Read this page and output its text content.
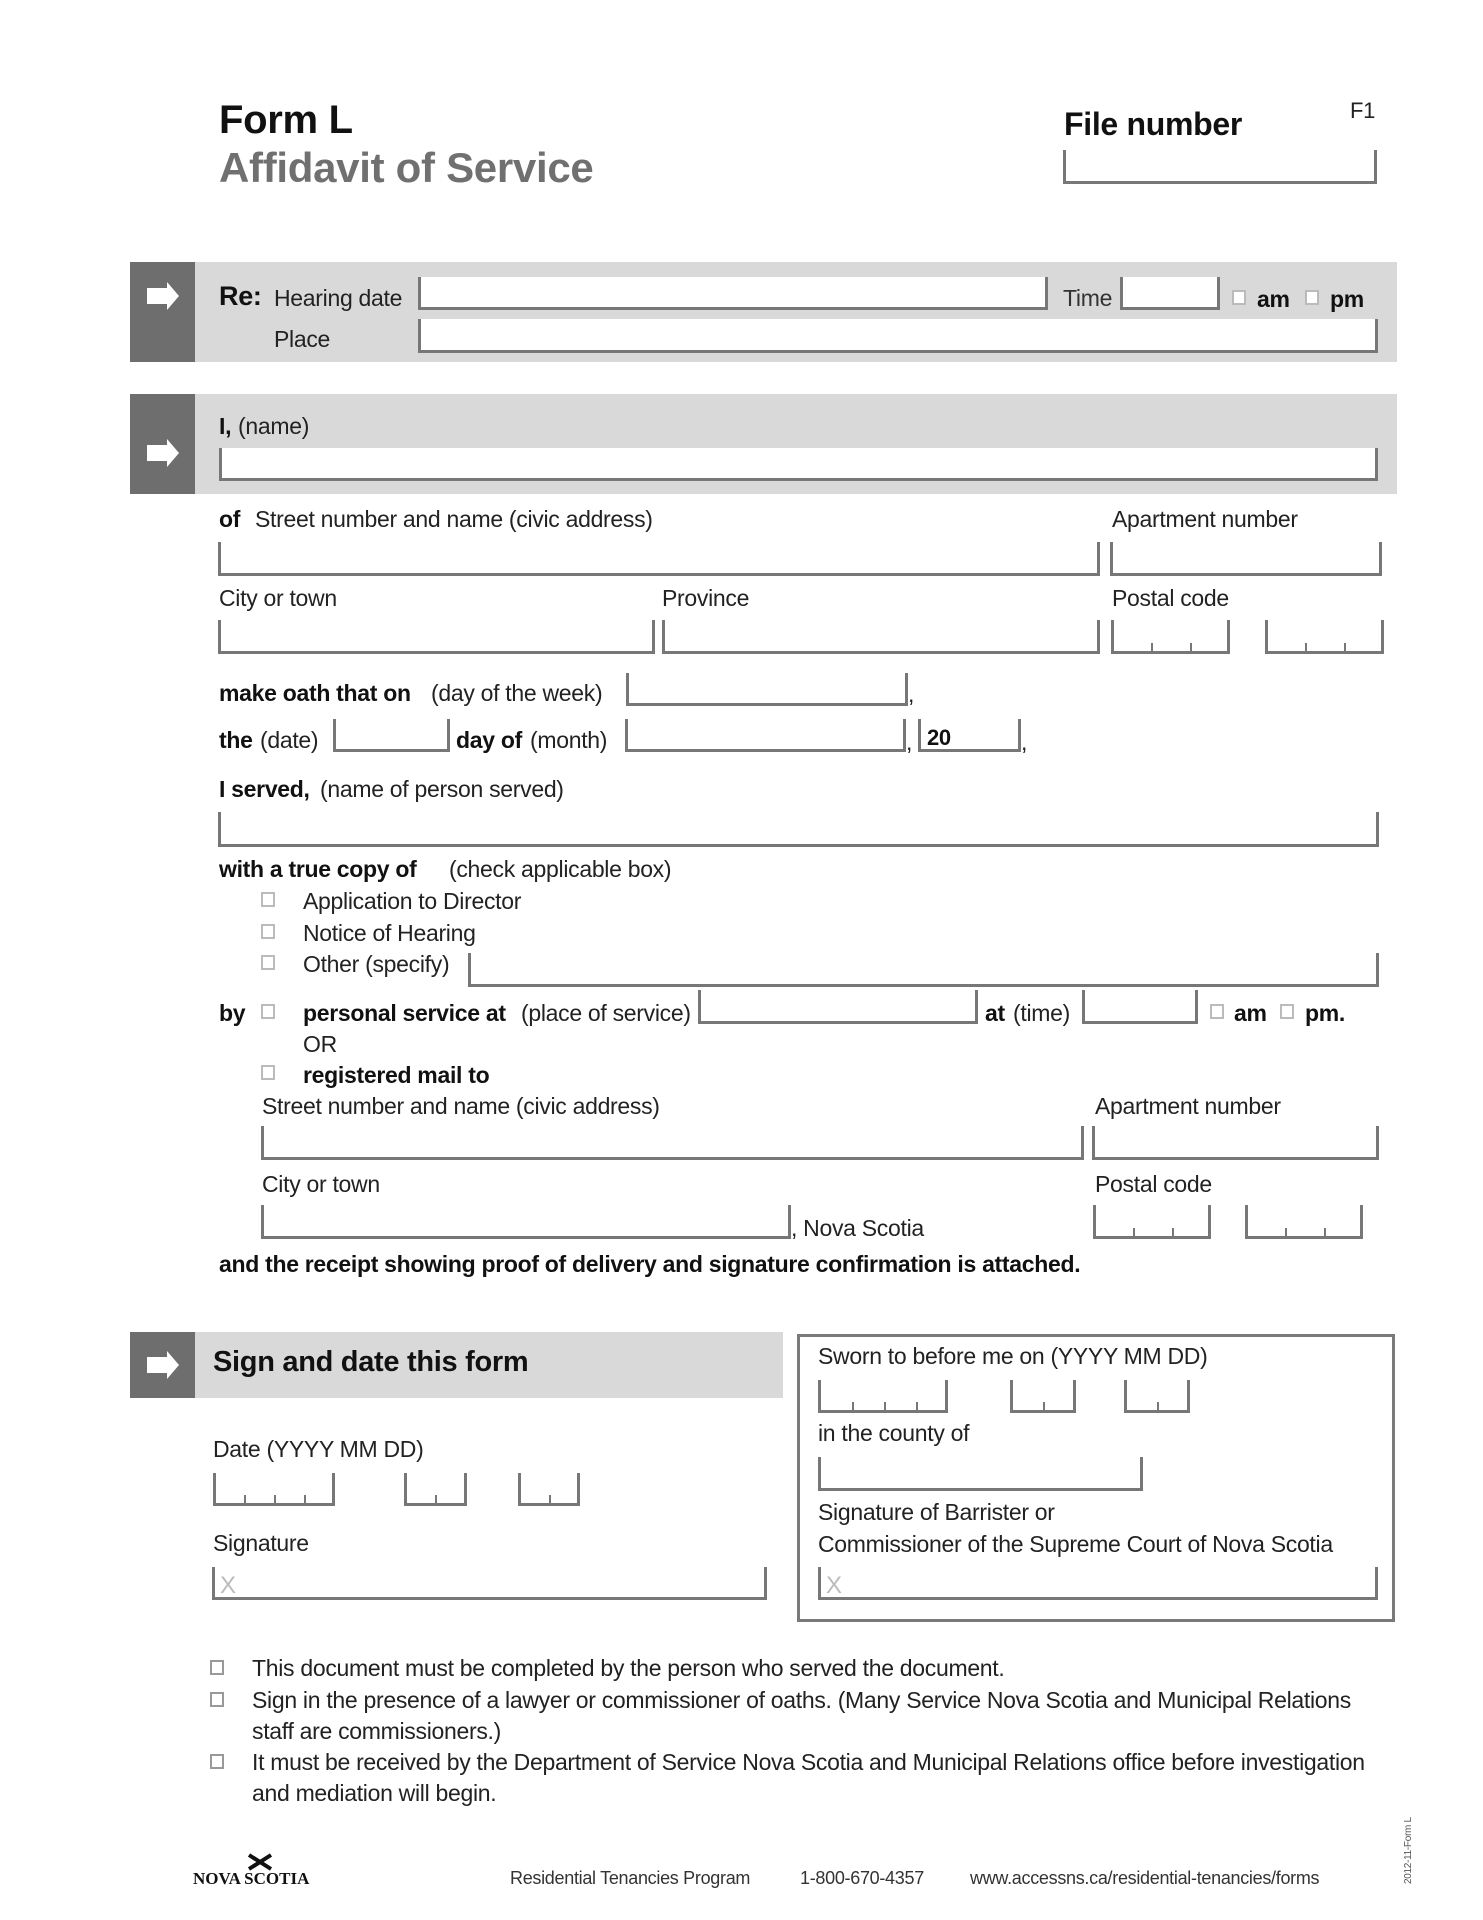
Form L
Affidavit of Service
File number	F1
Re: Hearing date	Time	am pm
Place
I, (name)
of Street number and name (civic address)	Apartment number
City or town	Province	Postal code
make oath that on (day of the week)	,
the (date)	day of (month)	, 20	,
I served, (name of person served)
with a true copy of (check applicable box)
Application to Director
Notice of Hearing
Other (specify)
by	personal service at (place of service)	at (time)	am pm.
OR
registered mail to
Street number and name (civic address)	Apartment number
City or town	Postal code
, Nova Scotia
and the receipt showing proof of delivery and signature confirmation is attached.
Sign and date this form
Date (YYYY MM DD)
Signature
X
Sworn to before me on (YYYY MM DD)
in the county of
Signature of Barrister or
Commissioner of the Supreme Court of Nova Scotia
X
This document must be completed by the person who served the document.
Sign in the presence of a lawyer or commissioner of oaths. (Many Service Nova Scotia and Municipal Relations
staff are commissioners.)
It must be received by the Department of Service Nova Scotia and Municipal Relations office before investigation
and mediation will begin.
NOVA SCOTIA	Residential Tenancies Program	1-800-670-4357	www.accessns.ca/residential-tenancies/forms	2012-11-Form L
